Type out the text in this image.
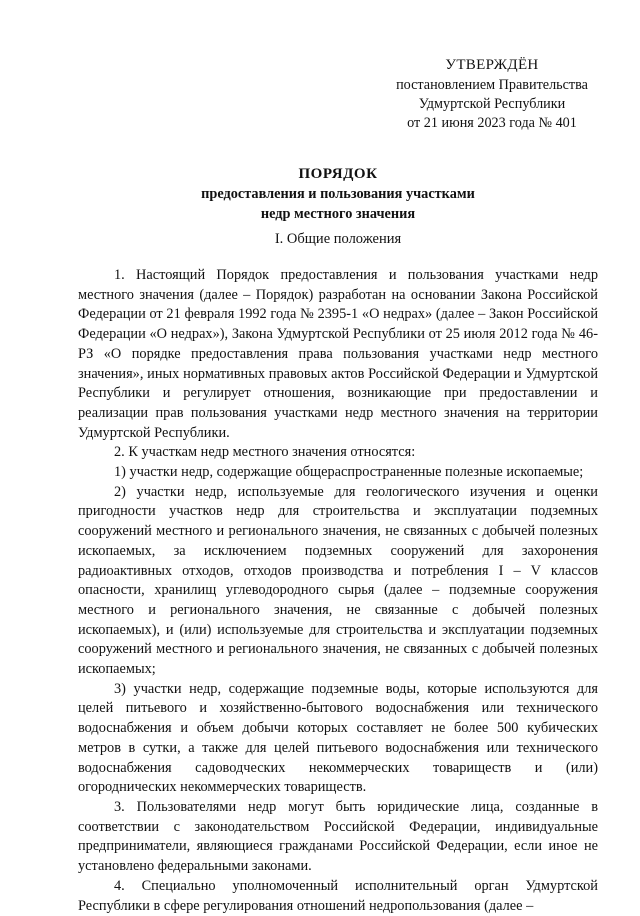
УТВЕРЖДЁН
постановлением Правительства
Удмуртской Республики
от 21 июня 2023 года № 401
ПОРЯДОК
предоставления и пользования участками
недр местного значения
I. Общие положения

1. Настоящий Порядок предоставления и пользования участками недр местного значения (далее – Порядок) разработан на основании Закона Российской Федерации от 21 февраля 1992 года № 2395-1 «О недрах» (далее – Закон Российской Федерации «О недрах»), Закона Удмуртской Республики от 25 июля 2012 года № 46-РЗ «О порядке предоставления права пользования участками недр местного значения», иных нормативных правовых актов Российской Федерации и Удмуртской Республики и регулирует отношения, возникающие при предоставлении и реализации прав пользования участками недр местного значения на территории Удмуртской Республики.

2. К участкам недр местного значения относятся:

1) участки недр, содержащие общераспространенные полезные ископаемые;

2) участки недр, используемые для геологического изучения и оценки пригодности участков недр для строительства и эксплуатации подземных сооружений местного и регионального значения, не связанных с добычей полезных ископаемых, за исключением подземных сооружений для захоронения радиоактивных отходов, отходов производства и потребления I – V классов опасности, хранилищ углеводородного сырья (далее – подземные сооружения местного и регионального значения, не связанные с добычей полезных ископаемых), и (или) используемые для строительства и эксплуатации подземных сооружений местного и регионального значения, не связанных с добычей полезных ископаемых;

3) участки недр, содержащие подземные воды, которые используются для целей питьевого и хозяйственно-бытового водоснабжения или технического водоснабжения и объем добычи которых составляет не более 500 кубических метров в сутки, а также для целей питьевого водоснабжения или технического водоснабжения садоводческих некоммерческих товариществ и (или) огороднических некоммерческих товариществ.

3. Пользователями недр могут быть юридические лица, созданные в соответствии с законодательством Российской Федерации, индивидуальные предприниматели, являющиеся гражданами Российской Федерации, если иное не установлено федеральными законами.

4. Специально уполномоченный исполнительный орган Удмуртской Республики в сфере регулирования отношений недропользования (далее –
